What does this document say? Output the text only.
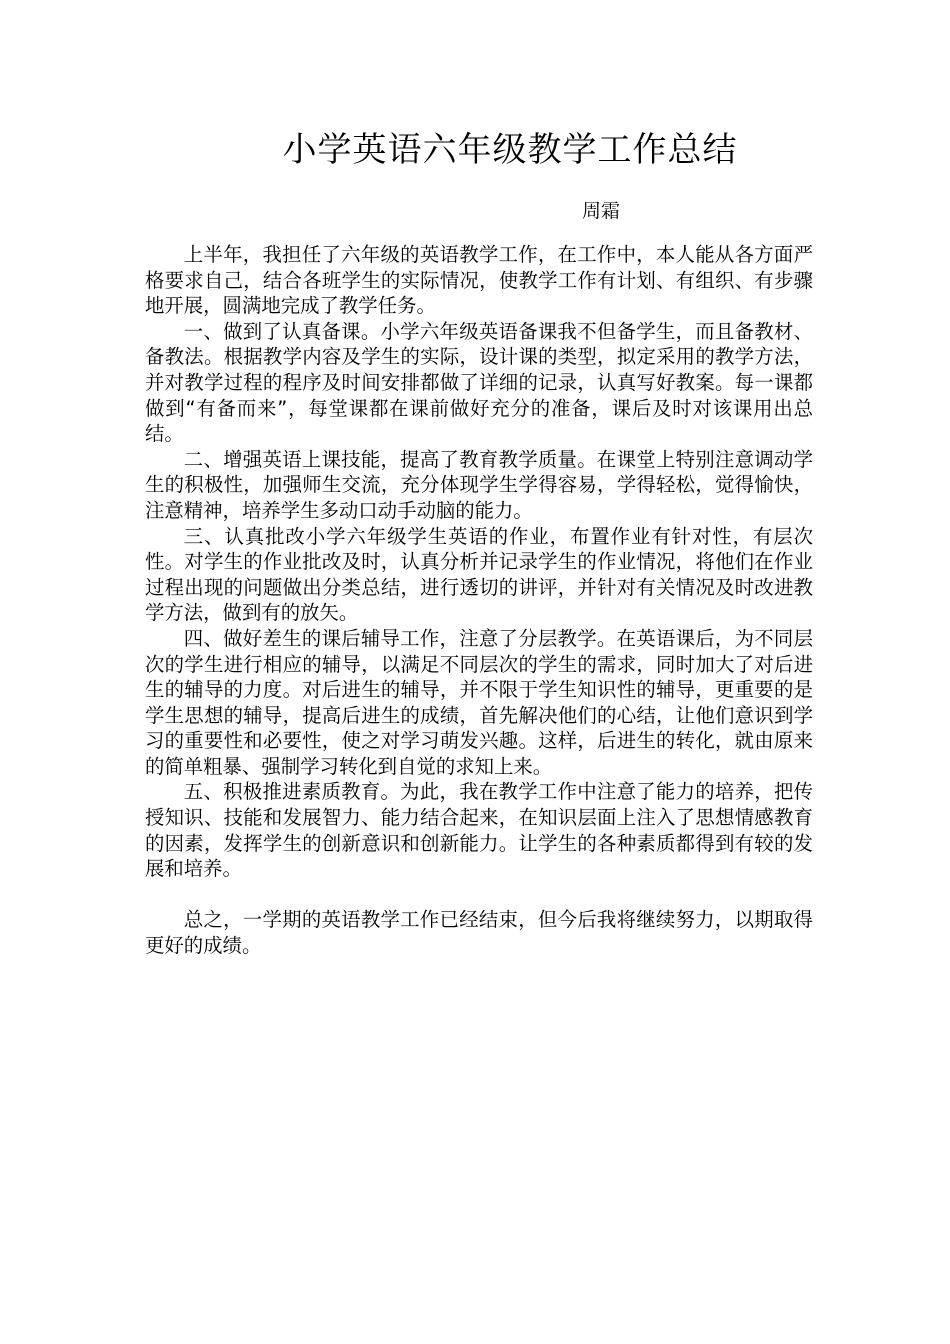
小学英语六年级教学工作总结
周霜

上半年，我担任了六年级的英语教学工作，在工作中，本人能从各方面严格要求自己，结合各班学生的实际情况，使教学工作有计划、有组织、有步骤地开展，圆满地完成了教学任务。

一、做到了认真备课。小学六年级英语备课我不但备学生，而且备教材、备教法。根据教学内容及学生的实际，设计课的类型，拟定采用的教学方法，并对教学过程的程序及时间安排都做了详细的记录，认真写好教案。每一课都做到“有备而来”，每堂课都在课前做好充分的准备，课后及时对该课用出总结。

二、增强英语上课技能，提高了教育教学质量。在课堂上特别注意调动学生的积极性，加强师生交流，充分体现学生学得容易，学得轻松，觉得愉快，注意精神，培养学生多动口动手动脑的能力。

三、认真批改小学六年级学生英语的作业，布置作业有针对性，有层次性。对学生的作业批改及时，认真分析并记录学生的作业情况，将他们在作业过程出现的问题做出分类总结，进行透切的讲评，并针对有关情况及时改进教学方法，做到有的放矢。

四、做好差生的课后辅导工作，注意了分层教学。在英语课后，为不同层次的学生进行相应的辅导，以满足不同层次的学生的需求，同时加大了对后进生的辅导的力度。对后进生的辅导，并不限于学生知识性的辅导，更重要的是学生思想的辅导，提高后进生的成绩，首先解决他们的心结，让他们意识到学习的重要性和必要性，使之对学习萌发兴趣。这样，后进生的转化，就由原来的简单粗暴、强制学习转化到自觉的求知上来。

五、积极推进素质教育。为此，我在教学工作中注意了能力的培养，把传授知识、技能和发展智力、能力结合起来，在知识层面上注入了思想情感教育的因素，发挥学生的创新意识和创新能力。让学生的各种素质都得到有较的发展和培养。

总之，一学期的英语教学工作已经结束，但今后我将继续努力，以期取得更好的成绩。
